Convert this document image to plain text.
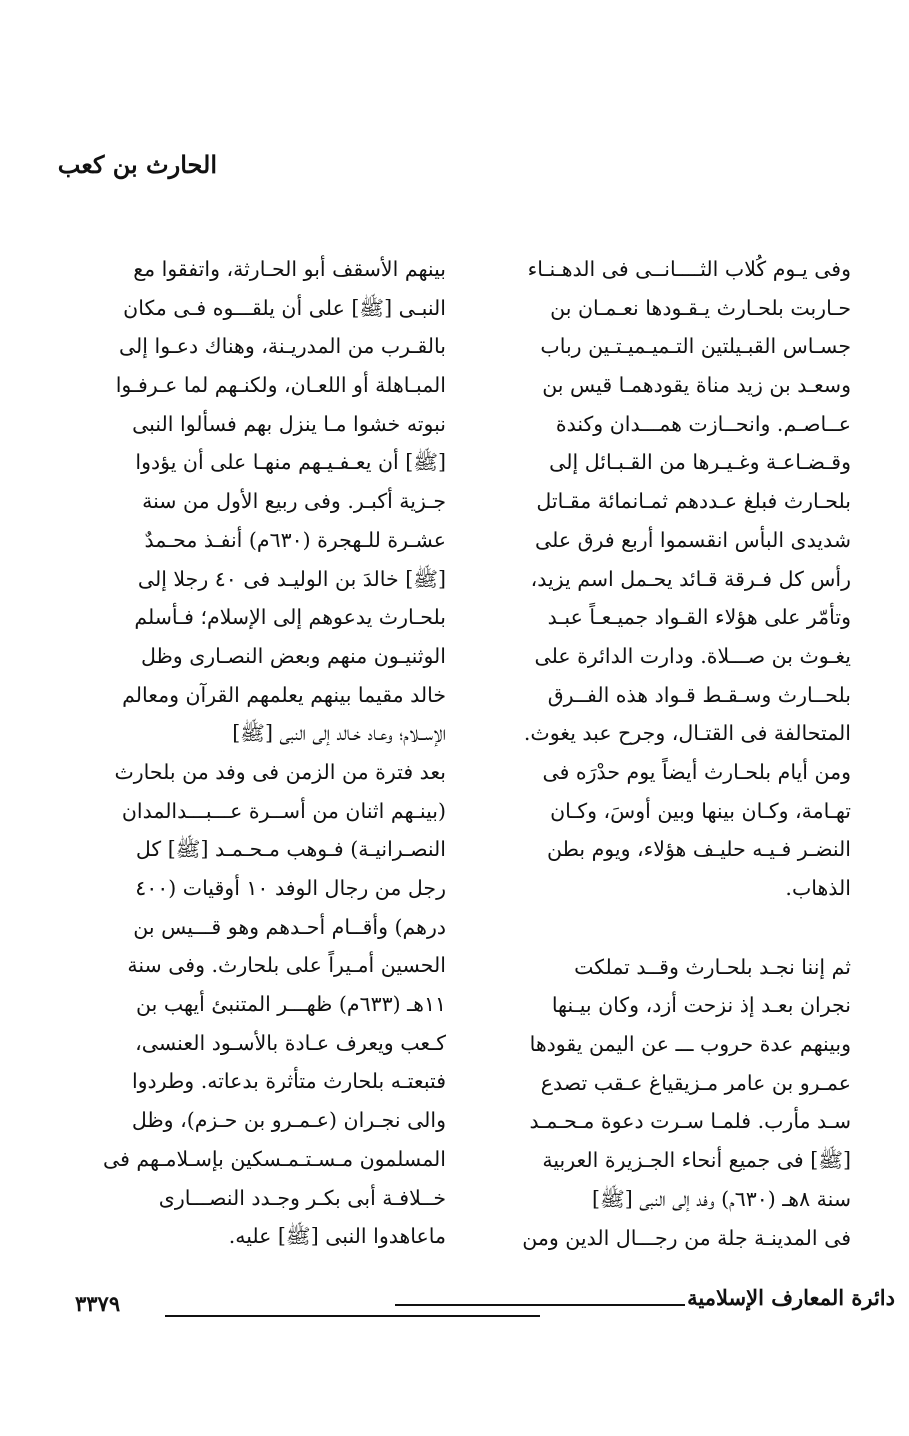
الحارث بن كعب
وفى يـوم كُلاب الثــــانــى فى الدهـنـاء
حـاربت بلحـارث يـقـودها نعـمـان بن
جسـاس القبـيلتين التـميـميـتـين رباب
وسعـد بن زيد مناة يقودهمـا قيس بن
عــاصـم. وانحــازت همـــدان وكندة
وقـضـاعـة وغـيـرها من القـبـائل إلى
بلحـارث فبلغ عـددهم ثمـانمائة مقـاتل
شديدى البأس انقسموا أربع فرق على
رأس كل فـرقة قـائد يحـمل اسم يزيد،
وتأمّر على هؤلاء القـواد جميـعـاً عبـد
يغـوث بن صـــلاة. ودارت الدائرة على
بلحــارث وسـقـط قـواد هذه الفــرق
المتحالفة فى القتـال، وجرح عبد يغوث.
ومن أيام بلحـارث أيضاً يوم حدْرَه فى
تهـامة، وكـان بينها وبين أوسَ، وكـان
النضـر فـيـه حليـف هؤلاء، ويوم بطن
الذهاب.
ثم إننا نجـد بلحـارث وقــد تملكت
نجران بعـد إذ نزحت أزد، وكان بيـنها
وبينهم عدة حروب ـــ عن اليمن يقودها
عمـرو بن عامر مـزيقياغ عـقب تصدع
سـد مأرب. فلمـا سـرت دعوة مـحـمـد
[ﷺ] فى جميع أنحاء الجـزيرة العربية
سنة ٨هـ (٦٣٠م) وفد إلى النبى [ﷺ]
فى المدينـة جلة من رجـــال الدين ومن
بينهم الأسقف أبو الحـارثة، واتفقوا مع
النبـى [ﷺ] على أن يلقـــوه فـى مكان
بالقـرب من المدريـنة، وهناك دعـوا إلى
المبـاهلة أو اللعـان، ولكنـهم لما عـرفـوا
نبوته خشوا مـا ينزل بهم فسألوا النبى
[ﷺ] أن يعـفـيـهم منهـا على أن يؤدوا
جـزية أكبـر. وفى ربيع الأول من سنة
عشـرة للـهجرة (٦٣٠م) أنفـذ محـمدٌ
[ﷺ] خالدَ بن الوليـد فى ٤٠ رجلا إلى
بلحـارث يدعوهم إلى الإسلام؛ فـأسلم
الوثنيـون منهم وبعض النصـارى وظل
خالد مقيما بينهم يعلمهم القرآن ومعالم
الإســلام؛ وعـاد خـالد إلى النبى [ﷺ]
بعد فترة من الزمن فى وفد من بلحارث
(بينـهم اثنان من أســرة عـــبـــدالمدان
النصـرانيـة) فـوهب مـحـمـد [ﷺ] كل
رجل من رجال الوفد ١٠ أوقيات (٤٠٠
درهم) وأقــام أحـدهم وهو قـــيس بن
الحسين أمـيراً على بلحارث. وفى سنة
١١هـ (٦٣٣م) ظهـــر المتنبئ أيهب بن
كـعب ويعرف عـادة بالأسـود العنسى،
فتبعتـه بلحارث متأثرة بدعاته. وطردوا
والى نجـران (عـمـرو بن حـزم)، وظل
المسلمون مـسـتـمـسكين بإسـلامـهم فى
خــلافـة أبى بكـر وجـدد النصـــارى
ماعاهدوا النبى [ﷺ] عليه.
دائرة المعارف الإسلامية
٣٣٧٩
